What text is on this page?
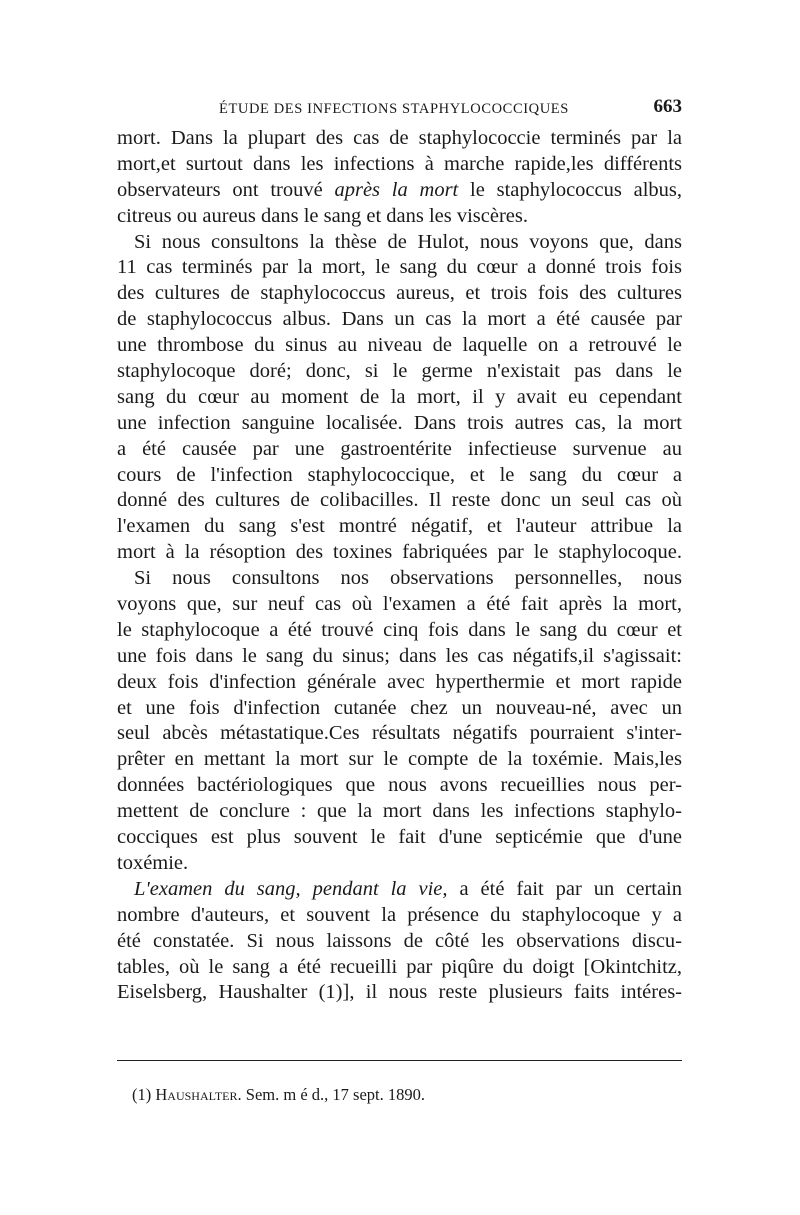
ÉTUDE DES INFECTIONS STAPHYLOCOCCIQUES	663
mort. Dans la plupart des cas de staphylococcie terminés par la
mort,et surtout dans les infections à marche rapide,les différents
observateurs ont trouvé après la mort le staphylococcus albus,
citreus ou aureus dans le sang et dans les viscères.
Si nous consultons la thèse de Hulot, nous voyons que, dans
11 cas terminés par la mort, le sang du cœur a donné trois fois
des cultures de staphylococcus aureus, et trois fois des cultures
de staphylococcus albus. Dans un cas la mort a été causée par
une thrombose du sinus au niveau de laquelle on a retrouvé le
staphylocoque doré; donc, si le germe n'existait pas dans le
sang du cœur au moment de la mort, il y avait eu cependant
une infection sanguine localisée. Dans trois autres cas, la mort
a été causée par une gastroentérite infectieuse survenue au
cours de l'infection staphylococcique, et le sang du cœur a
donné des cultures de colibacilles. Il reste donc un seul cas où
l'examen du sang s'est montré négatif, et l'auteur attribue la
mort à la résoption des toxines fabriquées par le staphylocoque.
Si nous consultons nos observations personnelles, nous
voyons que, sur neuf cas où l'examen a été fait après la mort,
le staphylocoque a été trouvé cinq fois dans le sang du cœur et
une fois dans le sang du sinus; dans les cas négatifs,il s'agissait:
deux fois d'infection générale avec hyperthermie et mort rapide
et une fois d'infection cutanée chez un nouveau-né, avec un
seul abcès métastatique.Ces résultats négatifs pourraient s'inter-
prêter en mettant la mort sur le compte de la toxémie. Mais,les
données bactériologiques que nous avons recueillies nous per-
mettent de conclure : que la mort dans les infections staphylo-
cocciques est plus souvent le fait d'une septicémie que d'une
toxémie.
L'examen du sang, pendant la vie, a été fait par un certain
nombre d'auteurs, et souvent la présence du staphylocoque y a
été constatée. Si nous laissons de côté les observations discu-
tables, où le sang a été recueilli par piqûre du doigt [Okintchitz,
Eiselsberg, Haushalter (1)], il nous reste plusieurs faits intéres-
(1) Haushalter. Sem. m é d., 17 sept. 1890.
